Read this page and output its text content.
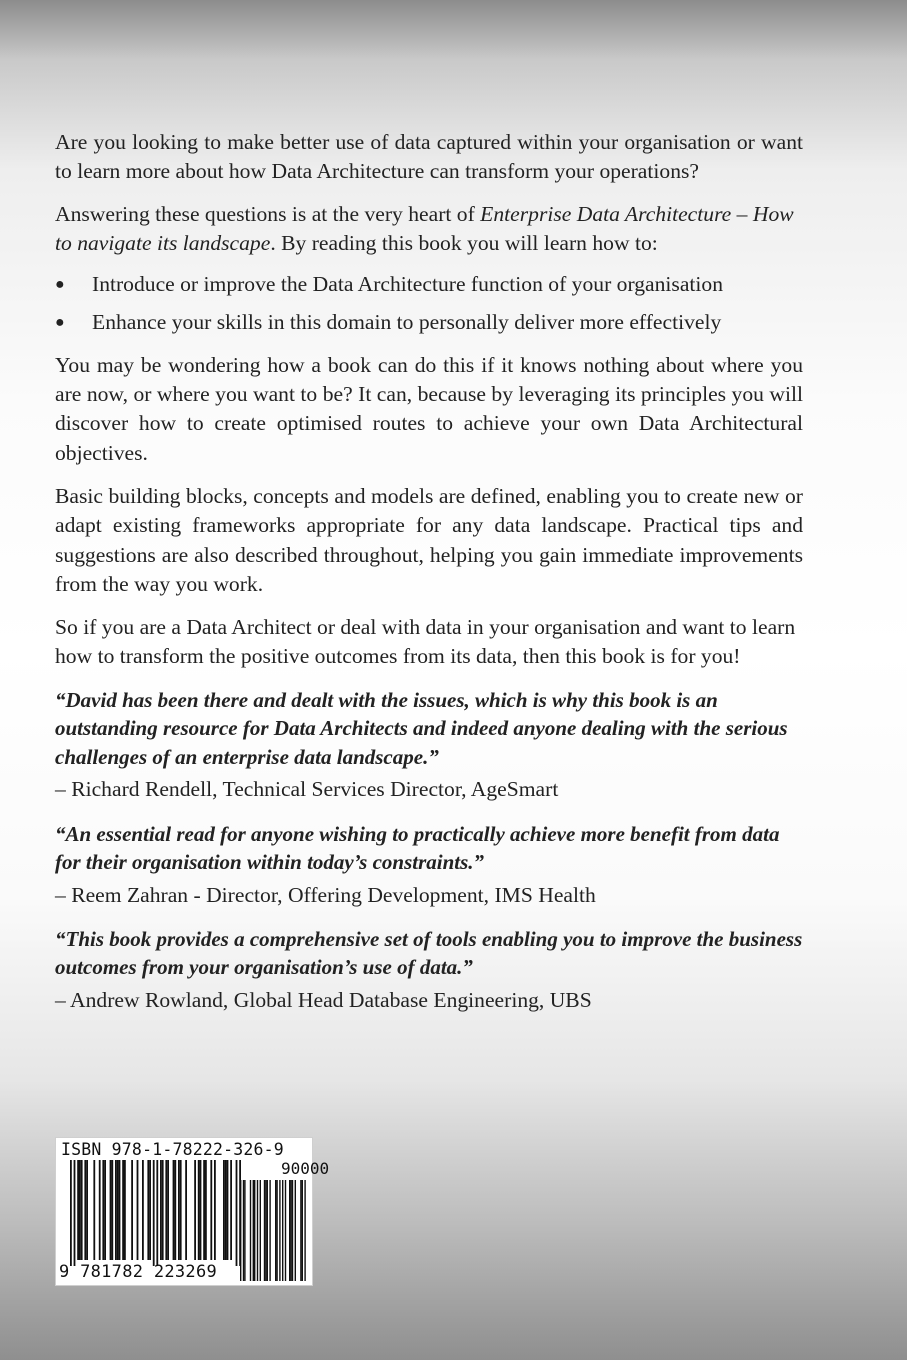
Are you looking to make better use of data captured within your organisation or want to learn more about how Data Architecture can transform your operations?

Answering these questions is at the very heart of Enterprise Data Architecture – How to navigate its landscape. By reading this book you will learn how to:

● Introduce or improve the Data Architecture function of your organisation
● Enhance your skills in this domain to personally deliver more effectively

You may be wondering how a book can do this if it knows nothing about where you are now, or where you want to be? It can, because by leveraging its principles you will discover how to create optimised routes to achieve your own Data Architectural objectives.

Basic building blocks, concepts and models are defined, enabling you to create new or adapt existing frameworks appropriate for any data landscape. Practical tips and suggestions are also described throughout, helping you gain immediate improvements from the way you work.

So if you are a Data Architect or deal with data in your organisation and want to learn how to transform the positive outcomes from its data, then this book is for you!

“David has been there and dealt with the issues, which is why this book is an outstanding resource for Data Architects and indeed anyone dealing with the serious challenges of an enterprise data landscape.”

– Richard Rendell, Technical Services Director, AgeSmart

“An essential read for anyone wishing to practically achieve more benefit from data for their organisation within today’s constraints.”

– Reem Zahran - Director, Offering Development, IMS Health

“This book provides a comprehensive set of tools enabling you to improve the business outcomes from your organisation’s use of data.”

– Andrew Rowland, Global Head Database Engineering, UBS

ISBN 978-1-78222-326-9
90000
9 781782 223269
